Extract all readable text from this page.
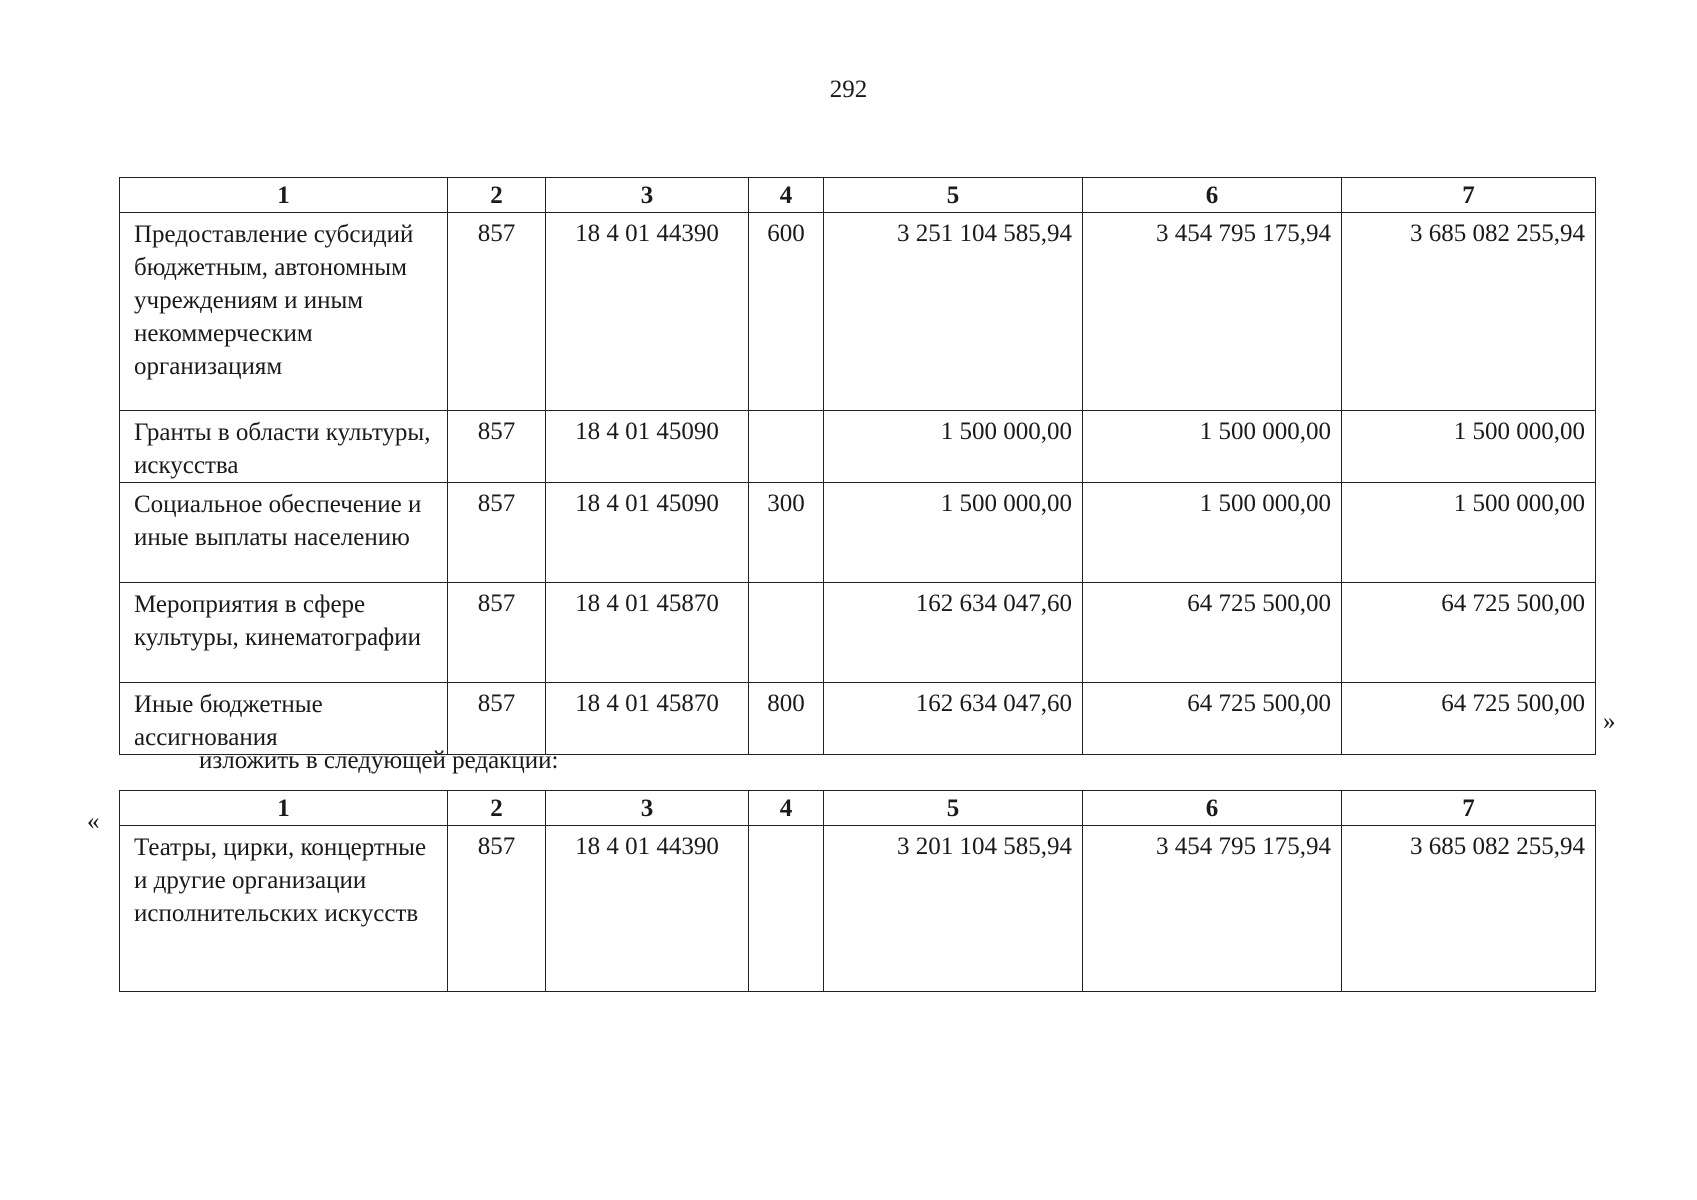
292
1	2	3	4	5	6	7
Предоставление субсидий бюджетным, автономным учреждениям и иным некоммерческим организациям	857	18 4 01 44390	600	3 251 104 585,94	3 454 795 175,94	3 685 082 255,94
Гранты в области культуры, искусства	857	18 4 01 45090		1 500 000,00	1 500 000,00	1 500 000,00
Социальное обеспечение и иные выплаты населению	857	18 4 01 45090	300	1 500 000,00	1 500 000,00	1 500 000,00
Мероприятия в сфере культуры, кинематографии	857	18 4 01 45870		162 634 047,60	64 725 500,00	64 725 500,00
Иные бюджетные ассигнования	857	18 4 01 45870	800	162 634 047,60	64 725 500,00	64 725 500,00
»
изложить в следующей редакции:
«	1	2	3	4	5	6	7
Театры, цирки, концертные и другие организации исполнительских искусств	857	18 4 01 44390		3 201 104 585,94	3 454 795 175,94	3 685 082 255,94
